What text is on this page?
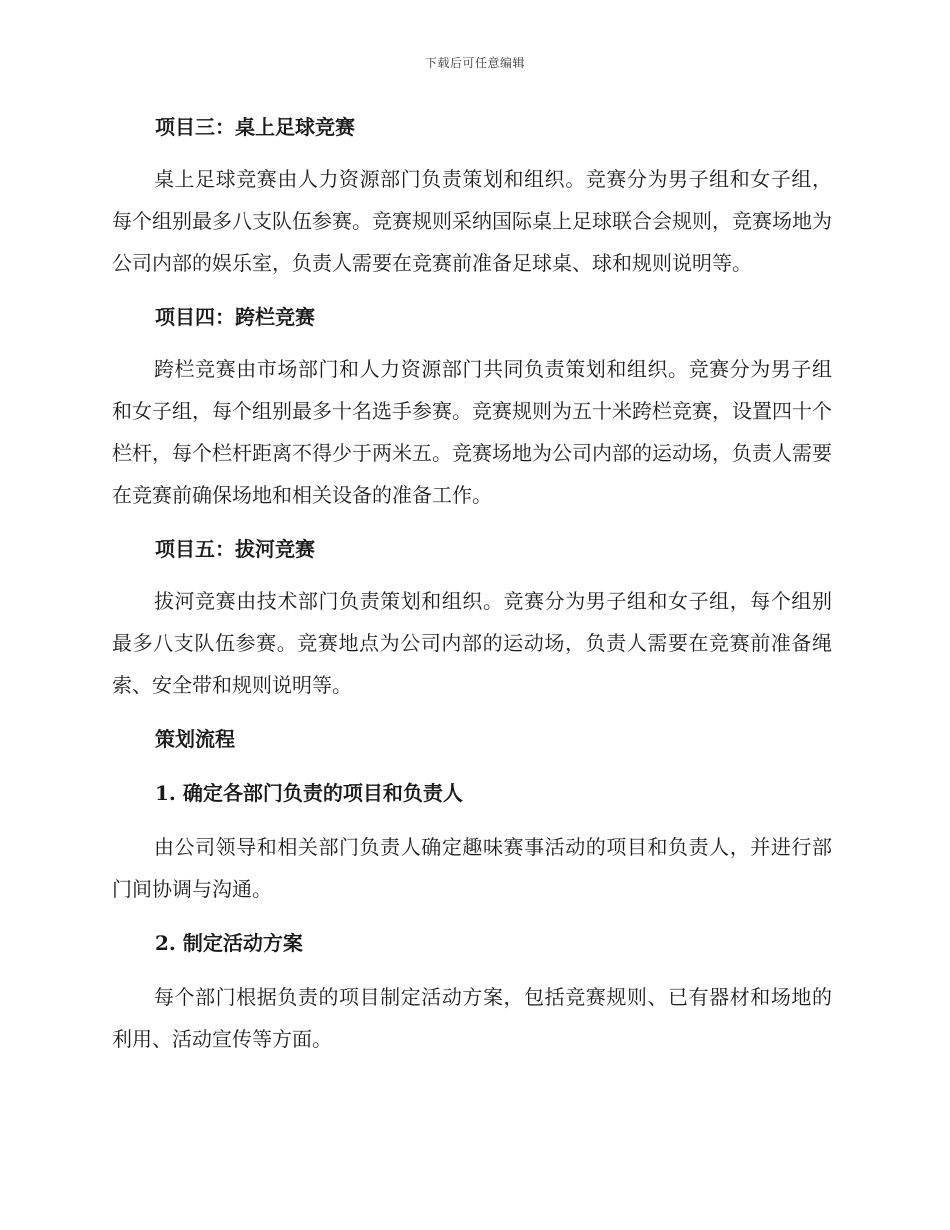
下载后可任意编辑
项目三：桌上足球竞赛

桌上足球竞赛由人力资源部门负责策划和组织。竞赛分为男子组和女子组，每个组别最多八支队伍参赛。竞赛规则采纳国际桌上足球联合会规则，竞赛场地为公司内部的娱乐室，负责人需要在竞赛前准备足球桌、球和规则说明等。

项目四：跨栏竞赛

跨栏竞赛由市场部门和人力资源部门共同负责策划和组织。竞赛分为男子组和女子组，每个组别最多十名选手参赛。竞赛规则为五十米跨栏竞赛，设置四十个栏杆，每个栏杆距离不得少于两米五。竞赛场地为公司内部的运动场，负责人需要在竞赛前确保场地和相关设备的准备工作。

项目五：拔河竞赛

拔河竞赛由技术部门负责策划和组织。竞赛分为男子组和女子组，每个组别最多八支队伍参赛。竞赛地点为公司内部的运动场，负责人需要在竞赛前准备绳索、安全带和规则说明等。

策划流程
1. 确定各部门负责的项目和负责人

由公司领导和相关部门负责人确定趣味赛事活动的项目和负责人，并进行部门间协调与沟通。

2. 制定活动方案

每个部门根据负责的项目制定活动方案，包括竞赛规则、已有器材和场地的利用、活动宣传等方面。
